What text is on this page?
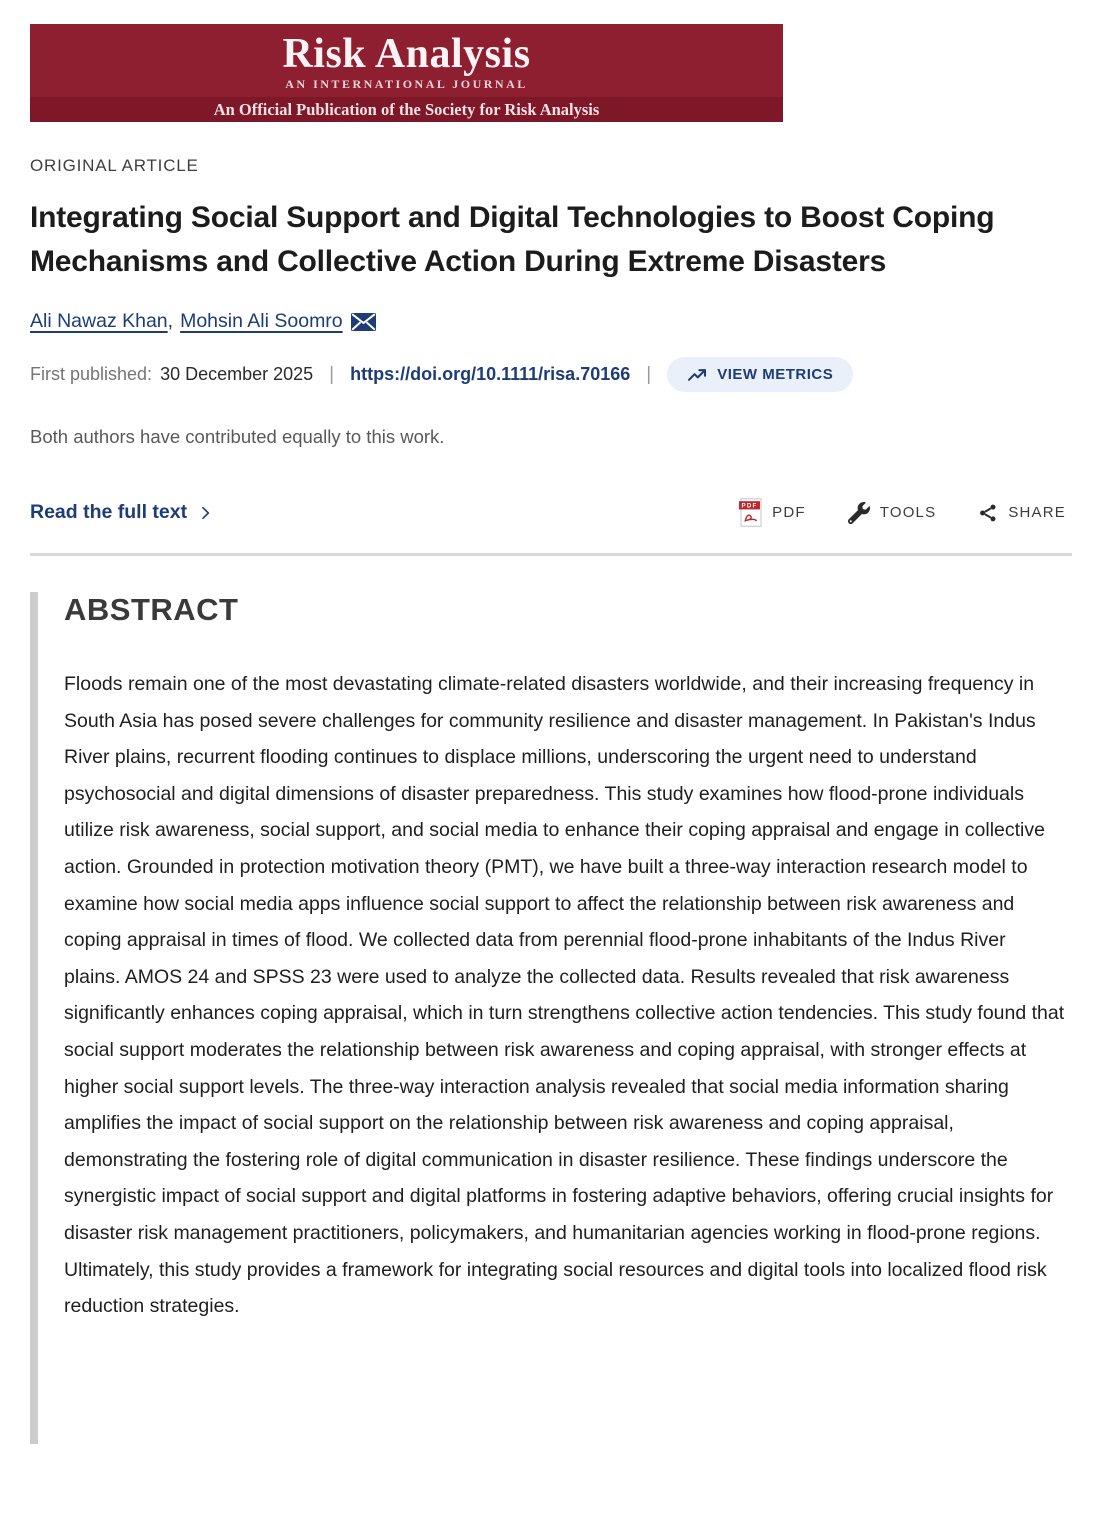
Risk Analysis
AN INTERNATIONAL JOURNAL
An Official Publication of the Society for Risk Analysis
ORIGINAL ARTICLE
Integrating Social Support and Digital Technologies to Boost Coping Mechanisms and Collective Action During Extreme Disasters
Ali Nawaz Khan , Mohsin Ali Soomro
First published: 30 December 2025 | https://doi.org/10.1111/risa.70166 |	VIEW METRICS

Both authors have contributed equally to this work.

Read the full text	PDF PDF	TOOLS	SHARE
ABSTRACT

Floods remain one of the most devastating climate-related disasters worldwide, and their increasing frequency in South Asia has posed severe challenges for community resilience and disaster management. In Pakistan's Indus River plains, recurrent flooding continues to displace millions, underscoring the urgent need to understand psychosocial and digital dimensions of disaster preparedness. This study examines how flood-prone individuals utilize risk awareness, social support, and social media to enhance their coping appraisal and engage in collective action. Grounded in protection motivation theory (PMT), we have built a three-way interaction research model to examine how social media apps influence social support to affect the relationship between risk awareness and coping appraisal in times of flood. We collected data from perennial flood-prone inhabitants of the Indus River plains. AMOS 24 and SPSS 23 were used to analyze the collected data. Results revealed that risk awareness significantly enhances coping appraisal, which in turn strengthens collective action tendencies. This study found that social support moderates the relationship between risk awareness and coping appraisal, with stronger effects at higher social support levels. The three-way interaction analysis revealed that social media information sharing amplifies the impact of social support on the relationship between risk awareness and coping appraisal, demonstrating the fostering role of digital communication in disaster resilience. These findings underscore the synergistic impact of social support and digital platforms in fostering adaptive behaviors, offering crucial insights for disaster risk management practitioners, policymakers, and humanitarian agencies working in flood-prone regions. Ultimately, this study provides a framework for integrating social resources and digital tools into localized flood risk reduction strategies.
